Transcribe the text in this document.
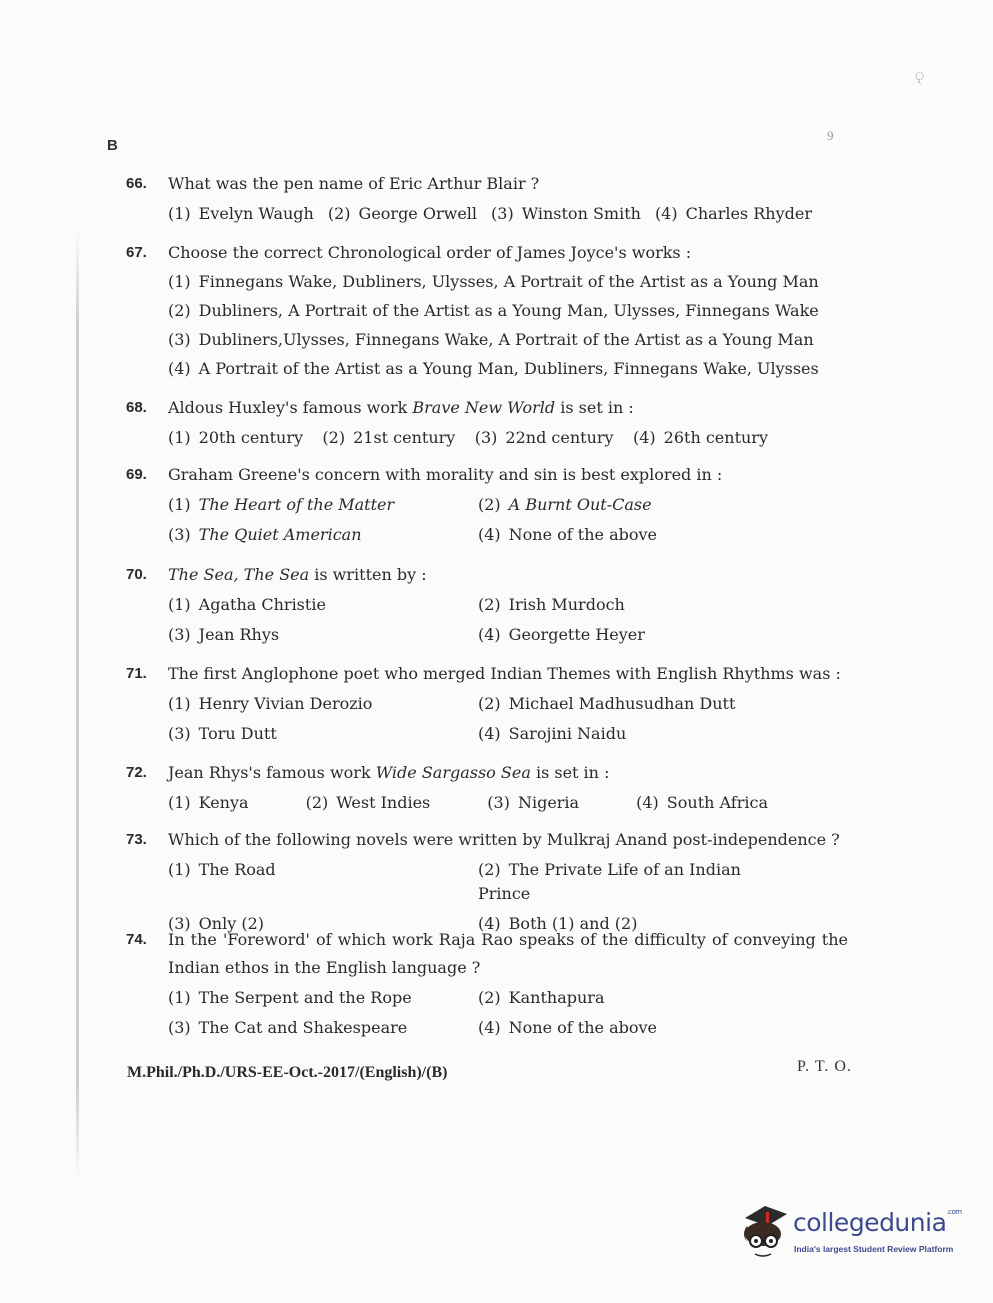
B
ৃ
9
66.	What was the pen name of Eric Arthur Blair ?
(1) Evelyn Waugh (2) George Orwell (3) Winston Smith (4) Charles Rhyder
67.	Choose the correct Chronological order of James Joyce's works :
(1) Finnegans Wake, Dubliners, Ulysses, A Portrait of the Artist as a Young Man
(2) Dubliners, A Portrait of the Artist as a Young Man, Ulysses, Finnegans Wake
(3) Dubliners,Ulysses, Finnegans Wake, A Portrait of the Artist as a Young Man
(4) A Portrait of the Artist as a Young Man, Dubliners, Finnegans Wake, Ulysses
68.	Aldous Huxley's famous work Brave New World is set in :
(1) 20th century (2) 21st century (3) 22nd century (4) 26th century
69.	Graham Greene's concern with morality and sin is best explored in :
(1) The Heart of the Matter	(2) A Burnt Out-Case
(3) The Quiet American	(4) None of the above
70.	The Sea, The Sea is written by :
(1) Agatha Christie	(2) Irish Murdoch
(3) Jean Rhys	(4) Georgette Heyer
71.	The first Anglophone poet who merged Indian Themes with English Rhythms was :
(1) Henry Vivian Derozio	(2) Michael Madhusudhan Dutt
(3) Toru Dutt	(4) Sarojini Naidu
72.	Jean Rhys's famous work Wide Sargasso Sea is set in :
(1) Kenya	(2) West Indies	(3) Nigeria	(4) South Africa
73.	Which of the following novels were written by Mulkraj Anand post-independence ?
(1) The Road	(2) The Private Life of an Indian Prince
(3) Only (2)	(4) Both (1) and (2)
74.	In the 'Foreword' of which work Raja Rao speaks of the difficulty of conveying the Indian ethos in the English language ?
(1) The Serpent and the Rope	(2) Kanthapura
(3) The Cat and Shakespeare	(4) None of the above
M.Phil./Ph.D./URS-EE-Oct.-2017/(English)/(B)	P. T. O.
collegedunia$^{.com}$
India's largest Student Review Platform
